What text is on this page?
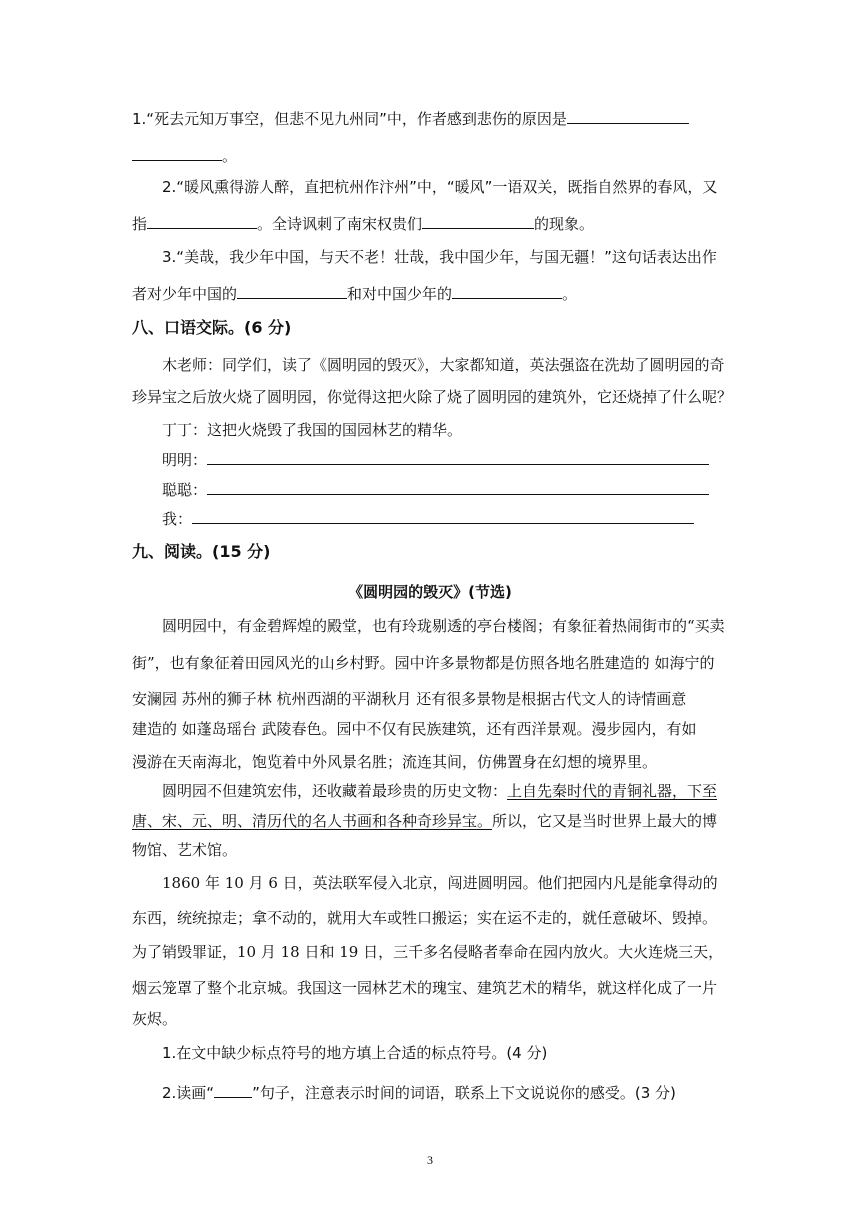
1.“死去元知万事空，但悲不见九州同”中，作者感到悲伤的原因是
。
2.“暖风熏得游人醉，直把杭州作汴州”中，“暖风”一语双关，既指自然界的春风，又
指	。全诗讽刺了南宋权贵们	的现象。
3.“美哉，我少年中国，与天不老！壮哉，我中国少年，与国无疆！”这句话表达出作
者对少年中国的	和对中国少年的	。
八、口语交际。(6 分)
木老师：同学们，读了《圆明园的毁灭》，大家都知道，英法强盗在洗劫了圆明园的奇
珍异宝之后放火烧了圆明园，你觉得这把火除了烧了圆明园的建筑外，它还烧掉了什么呢？
丁丁：这把火烧毁了我国的国园林艺的精华。
明明：
聪聪：
我：
九、阅读。(15 分)
《圆明园的毁灭》(节选)
圆明园中，有金碧辉煌的殿堂，也有玲珑剔透的亭台楼阁；有象征着热闹街市的“买卖
街”，也有象征着田园风光的山乡村野。园中许多景物都是仿照各地名胜建造的 如海宁的
安澜园 苏州的狮子林 杭州西湖的平湖秋月 还有很多景物是根据古代文人的诗情画意
建造的 如蓬岛瑶台 武陵春色。园中不仅有民族建筑，还有西洋景观。漫步园内，有如
漫游在天南海北，饱览着中外风景名胜；流连其间，仿佛置身在幻想的境界里。
圆明园不但建筑宏伟，还收藏着最珍贵的历史文物：上自先秦时代的青铜礼器，下至
唐、宋、元、明、清历代的名人书画和各种奇珍异宝。所以，它又是当时世界上最大的博
物馆、艺术馆。
1860 年 10 月 6 日，英法联军侵入北京，闯进圆明园。他们把园内凡是能拿得动的
东西，统统掠走；拿不动的，就用大车或牲口搬运；实在运不走的，就任意破坏、毁掉。
为了销毁罪证，10 月 18 日和 19 日，三千多名侵略者奉命在园内放火。大火连烧三天，
烟云笼罩了整个北京城。我国这一园林艺术的瑰宝、建筑艺术的精华，就这样化成了一片
灰烬。
1.在文中缺少标点符号的地方填上合适的标点符号。(4 分)
2.读画“	”句子，注意表示时间的词语，联系上下文说说你的感受。(3 分)
3
